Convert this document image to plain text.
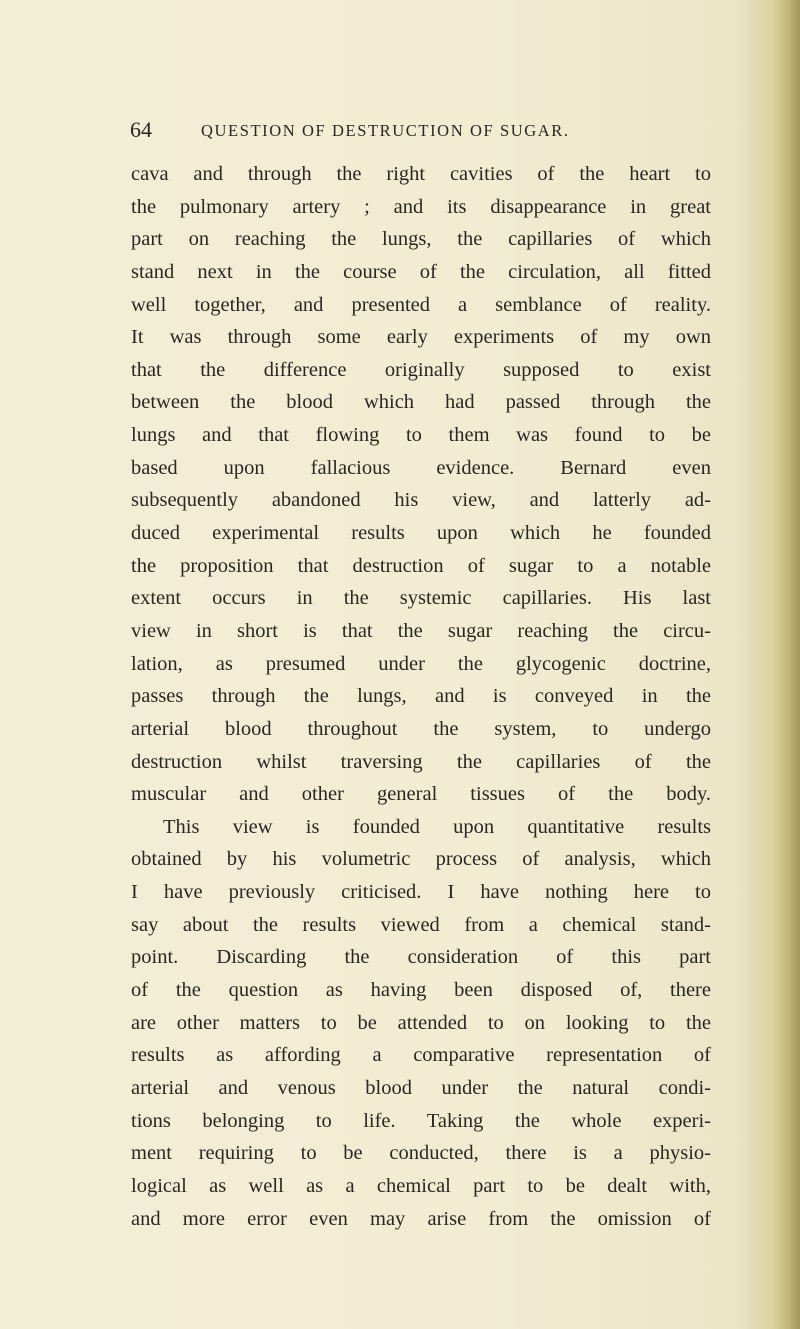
64	QUESTION OF DESTRUCTION OF SUGAR.
cava and through the right cavities of the heart to
the pulmonary artery ; and its disappearance in great
part on reaching the lungs, the capillaries of which
stand next in the course of the circulation, all fitted
well together, and presented a semblance of reality.
It was through some early experiments of my own
that the difference originally supposed to exist
between the blood which had passed through the
lungs and that flowing to them was found to be
based upon fallacious evidence. Bernard even
subsequently abandoned his view, and latterly ad-
duced experimental results upon which he founded
the proposition that destruction of sugar to a notable
extent occurs in the systemic capillaries. His last
view in short is that the sugar reaching the circu-
lation, as presumed under the glycogenic doctrine,
passes through the lungs, and is conveyed in the
arterial blood throughout the system, to undergo
destruction whilst traversing the capillaries of the
muscular and other general tissues of the body.
This view is founded upon quantitative results
obtained by his volumetric process of analysis, which
I have previously criticised. I have nothing here to
say about the results viewed from a chemical stand-
point. Discarding the consideration of this part
of the question as having been disposed of, there
are other matters to be attended to on looking to the
results as affording a comparative representation of
arterial and venous blood under the natural condi-
tions belonging to life. Taking the whole experi-
ment requiring to be conducted, there is a physio-
logical as well as a chemical part to be dealt with,
and more error even may arise from the omission of
